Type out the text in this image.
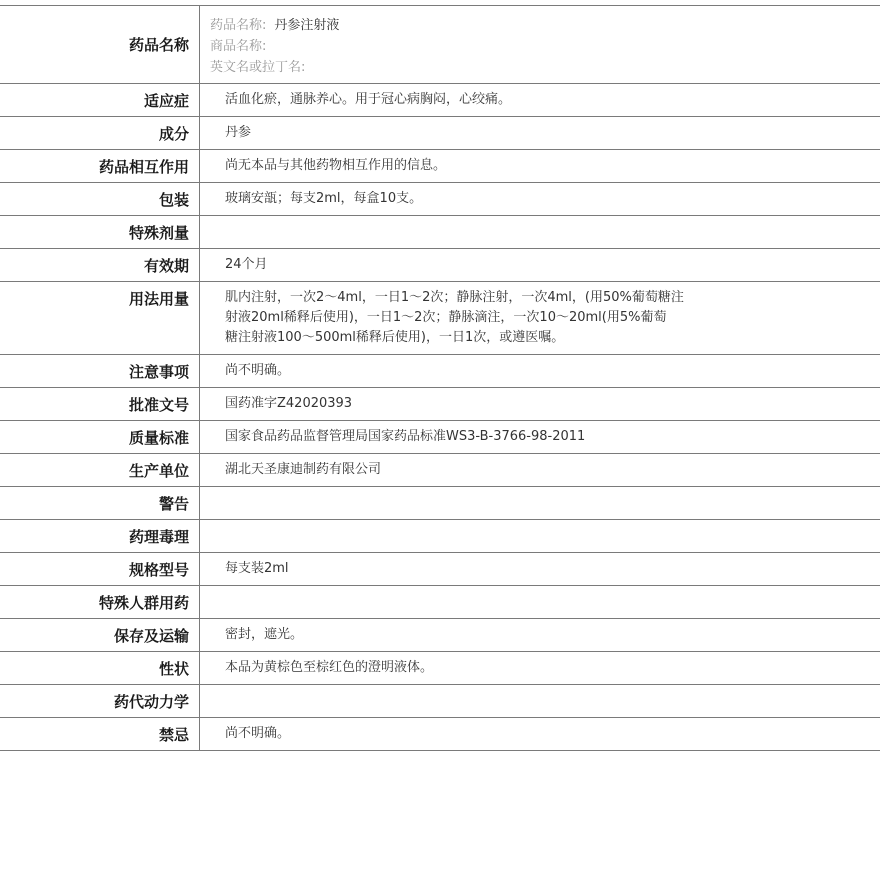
药品名称
药品名称: 丹参注射液
商品名称:
英文名或拉丁名:
适应症	活血化瘀，通脉养心。用于冠心病胸闷，心绞痛。
成分	丹参
药品相互作用	尚无本品与其他药物相互作用的信息。
包装	玻璃安瓿；每支2ml，每盒10支。
特殊剂量
有效期	24个月
用法用量	肌内注射，一次2～4ml，一日1～2次；静脉注射，一次4ml，(用50%葡萄糖注
射液20ml稀释后使用)，一日1～2次；静脉滴注，一次10～20ml(用5%葡萄
糖注射液100～500ml稀释后使用)，一日1次，或遵医嘱。
注意事项	尚不明确。
批准文号	国药准字Z42020393
质量标准	国家食品药品监督管理局国家药品标准WS3-B-3766-98-2011
生产单位	湖北天圣康迪制药有限公司
警告
药理毒理
规格型号	每支装2ml
特殊人群用药
保存及运输	密封，遮光。
性状	本品为黄棕色至棕红色的澄明液体。
药代动力学
禁忌	尚不明确。
